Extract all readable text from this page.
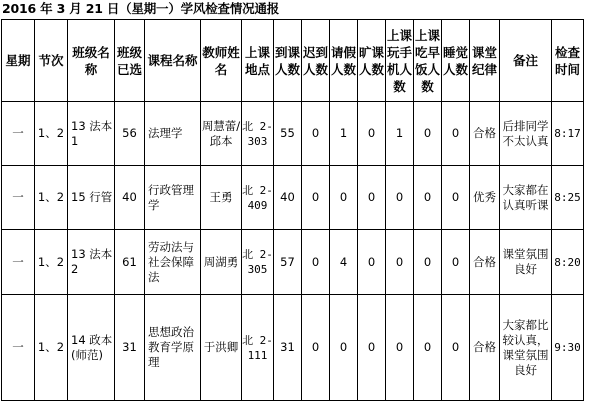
2016 年 3 月 21 日（星期一）学风检查情况通报
星期	节次	班级名称	班级已选	课程名称	教师姓名	上课地点	到课人数	迟到人数	请假人数	旷课人数	上课玩手机人数	上课吃早饭人数	睡觉人数	课堂纪律	备注	检查时间
一	1、2	13 法本 1	56	法理学	周慧蕾/邱本	北 2-303	55	0	1	0	1	0	0	合格	后排同学不太认真	8:17
一	1、2	15 行管	40	行政管理学	王勇	北 2-409	40	0	0	0	0	0	0	优秀	大家都在认真听课	8:25
一	1、2	13 法本 2	61	劳动法与社会保障法	周湖勇	北 2-305	57	0	4	0	0	0	0	合格	课堂氛围良好	8:20
一	1、2	14 政本 (师范)	31	思想政治教育学原理	于洪卿	北 2-111	31	0	0	0	0	0	0	合格	大家都比较认真，课堂氛围良好	9:30
